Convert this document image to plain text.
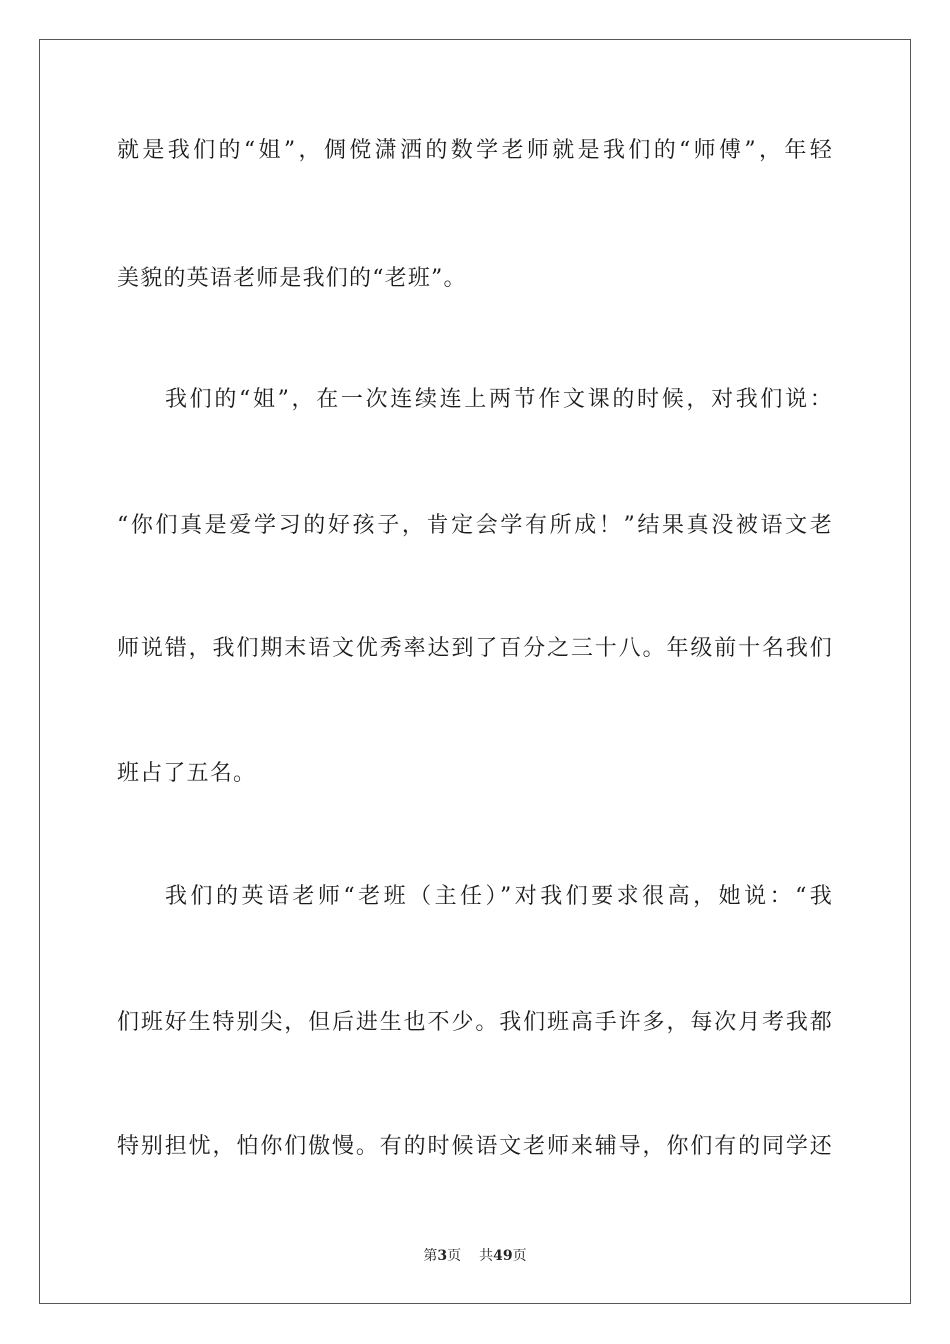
就是我们的“姐”，倜傥潇洒的数学老师就是我们的“师傅”，年轻
美貌的英语老师是我们的“老班”。
我们的“姐”，在一次连续连上两节作文课的时候，对我们说：
“你们真是爱学习的好孩子，肯定会学有所成！”结果真没被语文老
师说错，我们期末语文优秀率达到了百分之三十八。年级前十名我们
班占了五名。
我们的英语老师“老班（主任）”对我们要求很高，她说：“我
们班好生特别尖，但后进生也不少。我们班高手许多，每次月考我都
特别担忧，怕你们傲慢。有的时候语文老师来辅导，你们有的同学还
第3页 共49页
